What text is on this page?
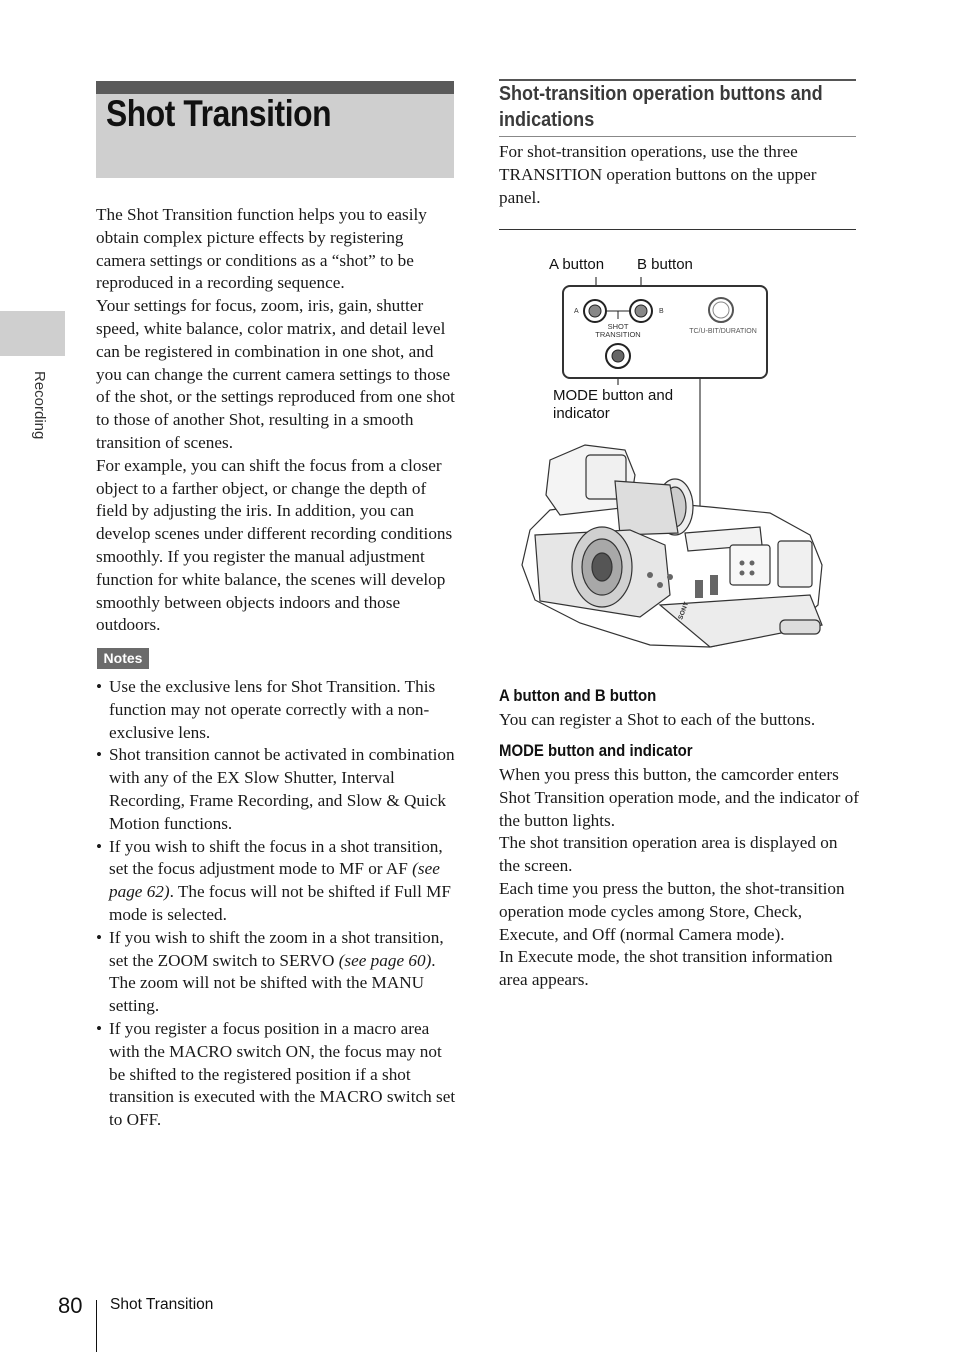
Shot Transition
Recording

The Shot Transition function helps you to easily obtain complex picture effects by registering camera settings or conditions as a “shot” to be reproduced in a recording sequence.

Your settings for focus, zoom, iris, gain, shutter speed, white balance, color matrix, and detail level can be registered in combination in one shot, and you can change the current camera settings to those of the shot, or the settings reproduced from one shot to those of another Shot, resulting in a smooth transition of scenes.

For example, you can shift the focus from a closer object to a farther object, or change the depth of field by adjusting the iris. In addition, you can develop scenes under different recording conditions smoothly. If you register the manual adjustment function for white balance, the scenes will develop smoothly between objects indoors and those outdoors.

Notes
• Use the exclusive lens for Shot Transition. This function may not operate correctly with a non-exclusive lens.
• Shot transition cannot be activated in combination with any of the EX Slow Shutter, Interval Recording, Frame Recording, and Slow & Quick Motion functions.
• If you wish to shift the focus in a shot transition, set the focus adjustment mode to MF or AF (see page 62). The focus will not be shifted if Full MF mode is selected.
• If you wish to shift the zoom in a shot transition, set the ZOOM switch to SERVO (see page 60). The zoom will not be shifted with the MANU setting.
• If you register a focus position in a macro area with the MACRO switch ON, the focus may not be shifted to the registered position if a shot transition is executed with the MACRO switch set to OFF.
Shot-transition operation buttons and indications

For shot-transition operations, use the three TRANSITION operation buttons on the upper panel.

A button B button
MODE button and
indicator
A	B
SHOT
TRANSITION	TC/U-BIT/DURATION
SONY
A button and B button

You can register a Shot to each of the buttons.

MODE button and indicator

When you press this button, the camcorder enters Shot Transition operation mode, and the indicator of the button lights.

The shot transition operation area is displayed on the screen.

Each time you press the button, the shot-transition operation mode cycles among Store, Check, Execute, and Off (normal Camera mode).

In Execute mode, the shot transition information area appears.

80 Shot Transition
